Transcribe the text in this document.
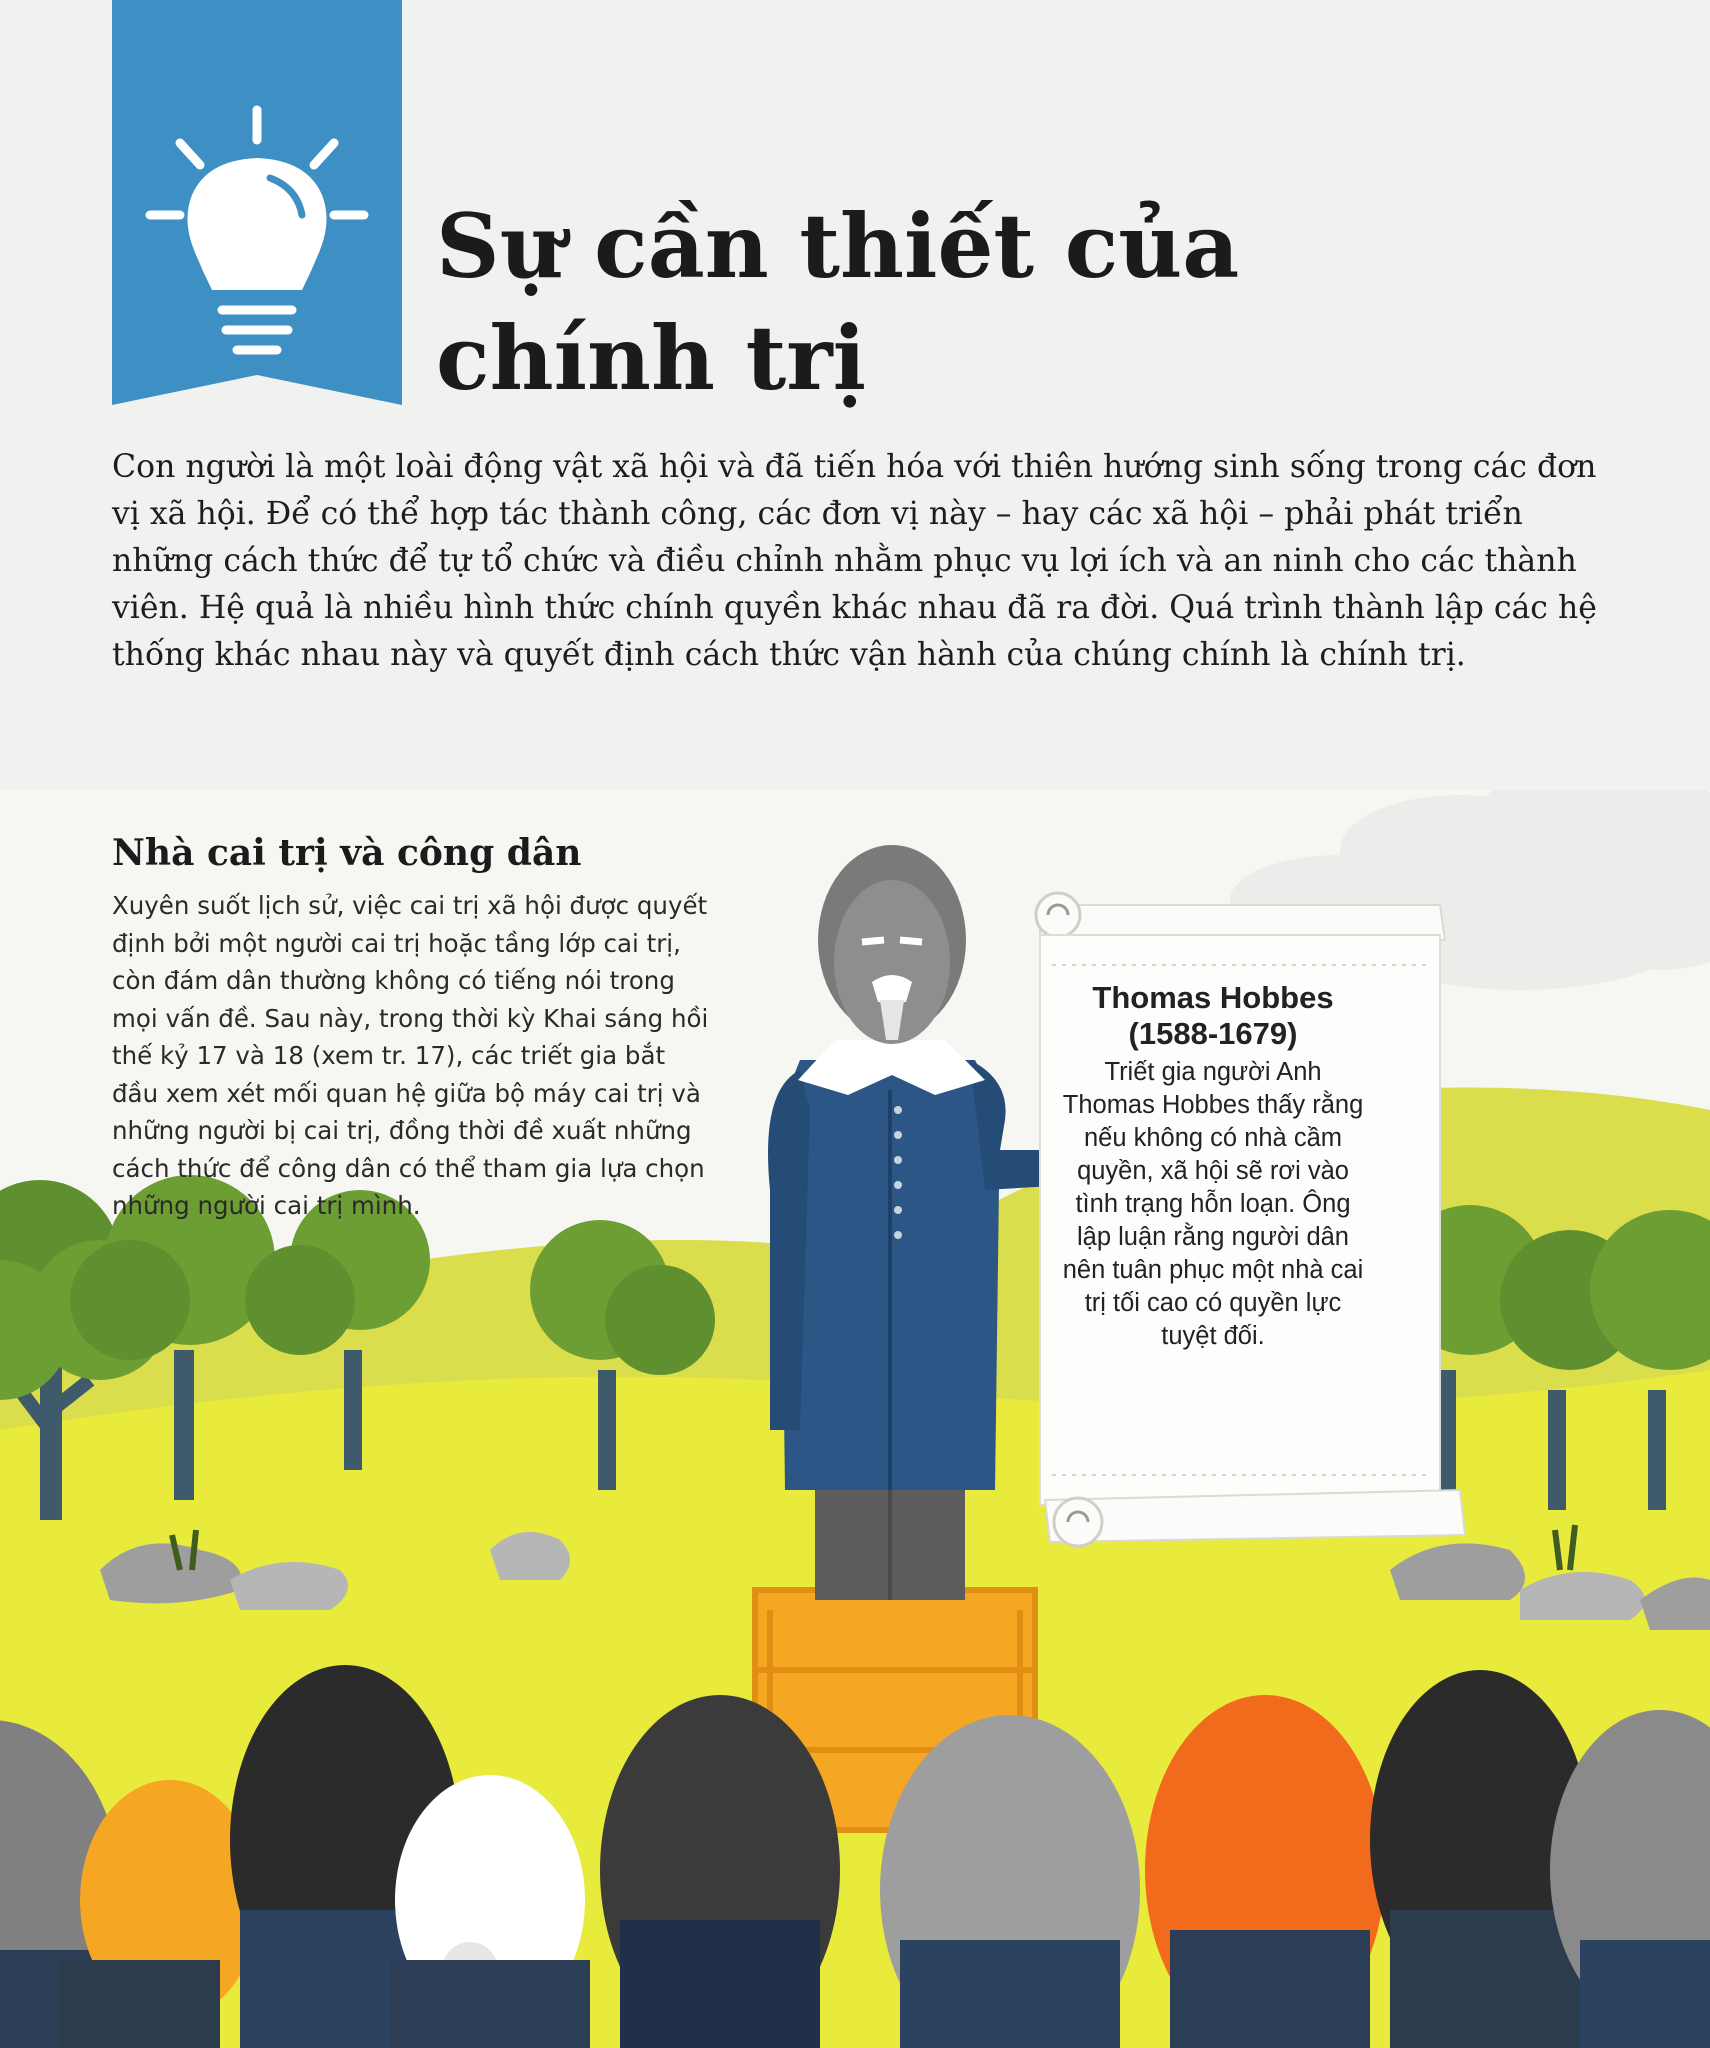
Sự cần thiết của
chính trị

Con người là một loài động vật xã hội và đã tiến hóa với thiên hướng sinh sống trong các đơn vị xã hội. Để có thể hợp tác thành công, các đơn vị này – hay các xã hội – phải phát triển những cách thức để tự tổ chức và điều chỉnh nhằm phục vụ lợi ích và an ninh cho các thành viên. Hệ quả là nhiều hình thức chính quyền khác nhau đã ra đời. Quá trình thành lập các hệ thống khác nhau này và quyết định cách thức vận hành của chúng chính là chính trị.

Nhà cai trị và công dân

Xuyên suốt lịch sử, việc cai trị xã hội được quyết định bởi một người cai trị hoặc tầng lớp cai trị, còn đám dân thường không có tiếng nói trong mọi vấn đề. Sau này, trong thời kỳ Khai sáng hồi thế kỷ 17 và 18 (xem tr. 17), các triết gia bắt đầu xem xét mối quan hệ giữa bộ máy cai trị và những người bị cai trị, đồng thời đề xuất những cách thức để công dân có thể tham gia lựa chọn những người cai trị mình.

Thomas Hobbes
(1588-1679)
Triết gia người Anh Thomas Hobbes thấy rằng nếu không có nhà cầm quyền, xã hội sẽ rơi vào tình trạng hỗn loạn. Ông lập luận rằng người dân nên tuân phục một nhà cai trị tối cao có quyền lực tuyệt đối.
